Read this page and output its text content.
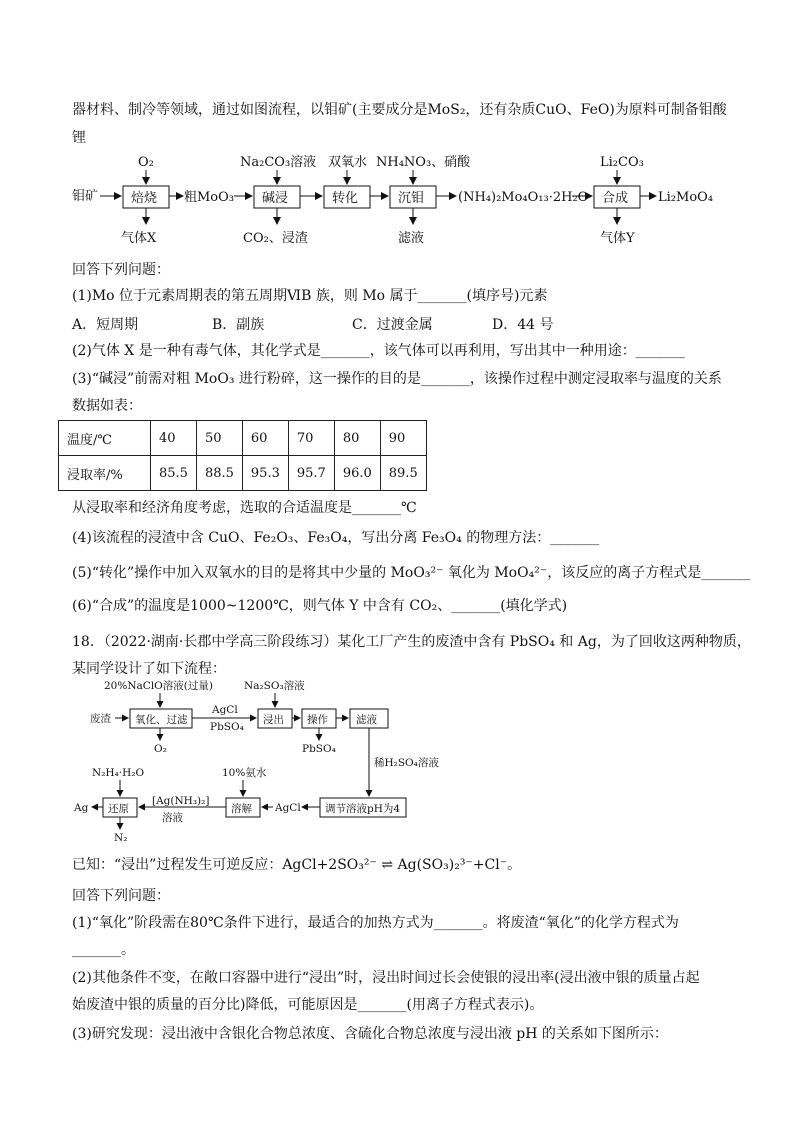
器材料、制冷等领域，通过如图流程，以钼矿(主要成分是MoS₂，还有杂质CuO、FeO)为原料可制备钼酸
锂
钼矿	焙烧
O₂
气体X
粗MoO₃ 碱浸
Na₂CO₃溶液
CO₂、浸渣
转化
双氧水
沉钼
NH₄NO₃、硝酸
滤液
(NH₄)₂Mo₄O₁₃·2H₂O 合成
Li₂CO₃
气体Y
Li₂MoO₄
回答下列问题：
(1)Mo 位于元素周期表的第五周期ⅥB 族，则 Mo 属于_______(填序号)元素
A．短周期	B．副族	C．过渡金属	D．44 号
(2)气体 X 是一种有毒气体，其化学式是_______，该气体可以再利用，写出其中一种用途：_______
(3)“碱浸”前需对粗 MoO₃ 进行粉碎，这一操作的目的是_______，该操作过程中测定浸取率与温度的关系
数据如表：
温度/℃	40	50	60	70	80	90
浸取率/%	85.5	88.5	95.3	95.7	96.0	89.5
从浸取率和经济角度考虑，选取的合适温度是_______℃
(4)该流程的浸渣中含 CuO、Fe₂O₃、Fe₃O₄，写出分离 Fe₃O₄ 的物理方法：_______
(5)“转化”操作中加入双氧水的目的是将其中少量的 MoO₃²⁻ 氧化为 MoO₄²⁻，该反应的离子方程式是_______
(6)“合成”的温度是1000~1200℃，则气体 Y 中含有 CO₂、_______(填化学式)
18．（2022·湖南·长郡中学高三阶段练习）某化工厂产生的废渣中含有 PbSO₄ 和 Ag，为了回收这两种物质，
某同学设计了如下流程：
20%NaClO溶液(过量)	Na₂SO₃溶液
废渣 氧化、过滤
O₂
AgCl
PbSO₄
浸出 操作
PbSO₄
滤液
稀H₂SO₄溶液
调节溶液pH为4
AgCl
溶解
10%氨水
[Ag(NH₃)₂]
溶液
还原
N₂H₄·H₂O
Ag
N₂
已知：“浸出”过程发生可逆反应：AgCl+2SO₃²⁻ ⇌ Ag(SO₃)₂³⁻+Cl⁻。
回答下列问题：
(1)“氧化”阶段需在80℃条件下进行，最适合的加热方式为_______。将废渣“氧化”的化学方程式为
_______。
(2)其他条件不变，在敞口容器中进行“浸出”时，浸出时间过长会使银的浸出率(浸出液中银的质量占起
始废渣中银的质量的百分比)降低，可能原因是_______(用离子方程式表示)。
(3)研究发现：浸出液中含银化合物总浓度、含硫化合物总浓度与浸出液 pH 的关系如下图所示：
